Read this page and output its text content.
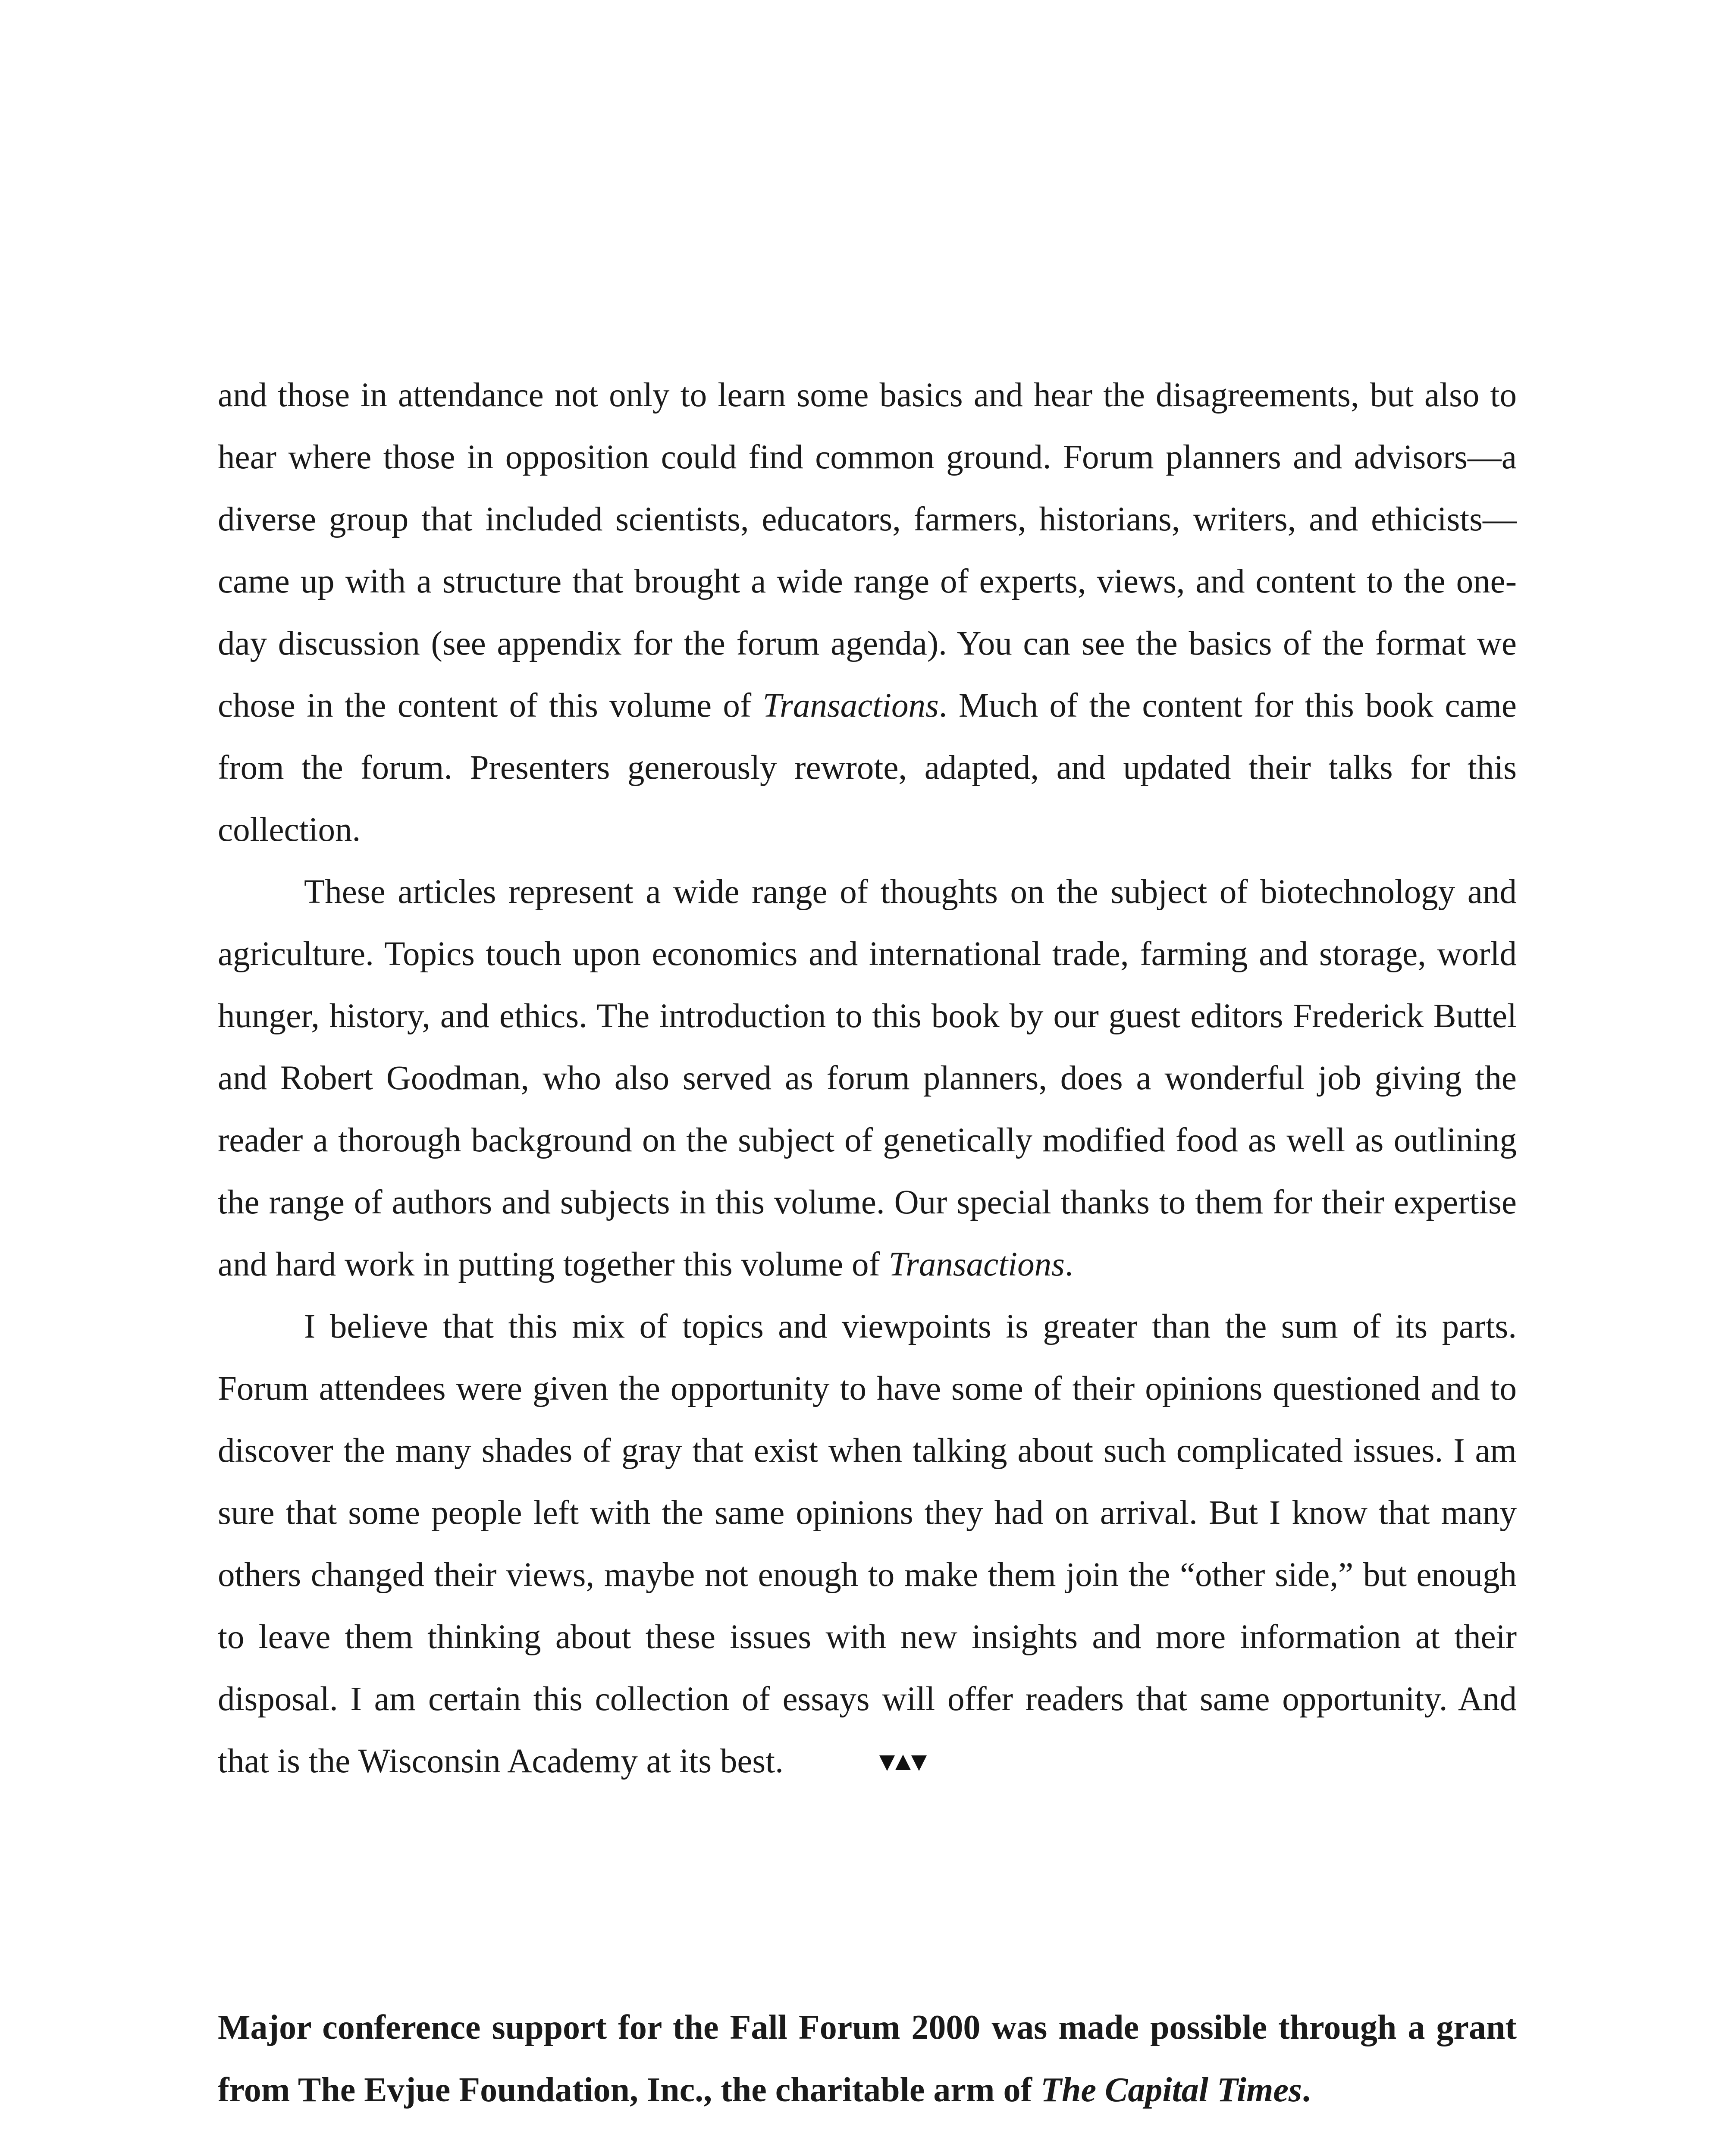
and those in attendance not only to learn some basics and hear the disagreements, but also to hear where those in opposition could find common ground. Forum planners and advisors—a diverse group that included scientists, educators, farmers, historians, writers, and ethicists—came up with a structure that brought a wide range of experts, views, and content to the one-day discussion (see appendix for the forum agenda). You can see the basics of the format we chose in the content of this volume of Transactions. Much of the content for this book came from the forum. Presenters generously rewrote, adapted, and updated their talks for this collection.

These articles represent a wide range of thoughts on the subject of biotechnology and agriculture. Topics touch upon economics and international trade, farming and storage, world hunger, history, and ethics. The introduction to this book by our guest editors Frederick Buttel and Robert Goodman, who also served as forum planners, does a wonderful job giving the reader a thorough background on the subject of genetically modified food as well as outlining the range of authors and subjects in this volume. Our special thanks to them for their expertise and hard work in putting together this volume of Transactions.

I believe that this mix of topics and viewpoints is greater than the sum of its parts. Forum attendees were given the opportunity to have some of their opinions questioned and to discover the many shades of gray that exist when talking about such complicated issues. I am sure that some people left with the same opinions they had on arrival. But I know that many others changed their views, maybe not enough to make them join the “other side,” but enough to leave them thinking about these issues with new insights and more information at their disposal. I am certain this collection of essays will offer readers that same opportunity. And that is the Wisconsin Academy at its best.

Major conference support for the Fall Forum 2000 was made possible through a grant from The Evjue Foundation, Inc., the charitable arm of The Capital Times.
